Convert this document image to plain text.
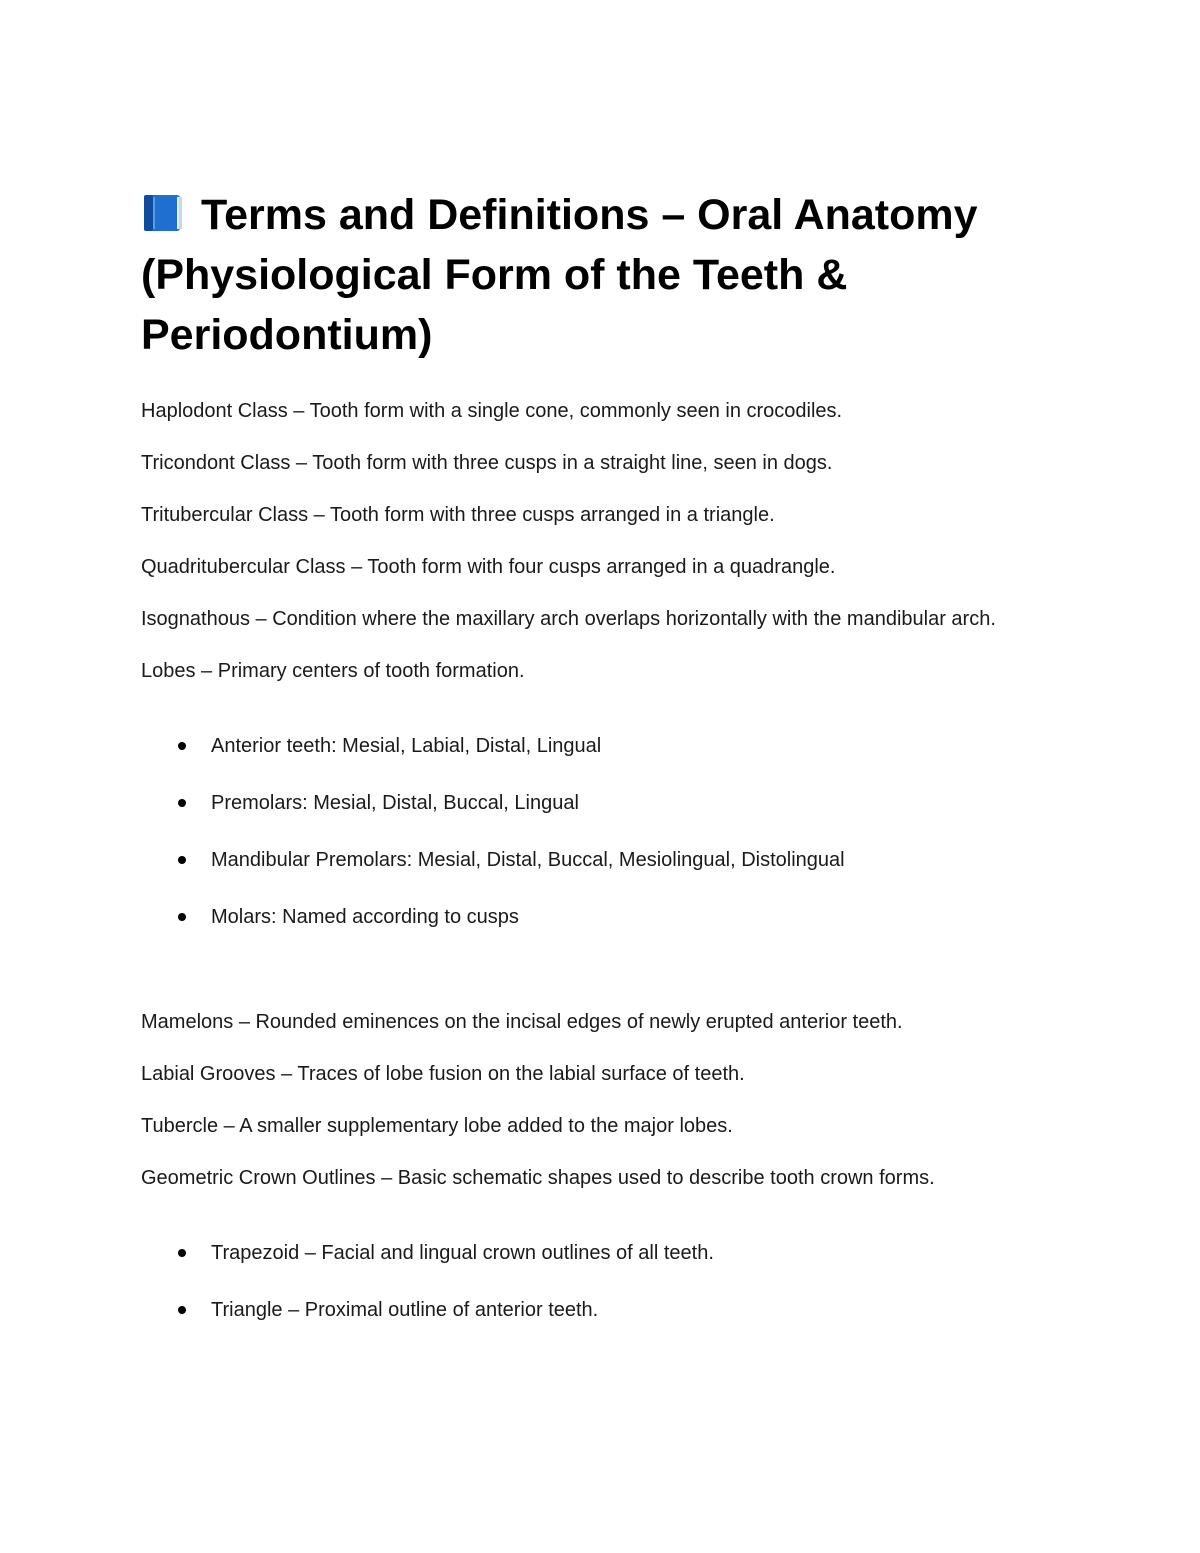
Terms and Definitions – Oral Anatomy (Physiological Form of the Teeth & Periodontium)

Haplodont Class – Tooth form with a single cone, commonly seen in crocodiles.

Tricondont Class – Tooth form with three cusps in a straight line, seen in dogs.

Tritubercular Class – Tooth form with three cusps arranged in a triangle.

Quadritubercular Class – Tooth form with four cusps arranged in a quadrangle.

Isognathous – Condition where the maxillary arch overlaps horizontally with the mandibular arch.

Lobes – Primary centers of tooth formation.

Anterior teeth: Mesial, Labial, Distal, Lingual
Premolars: Mesial, Distal, Buccal, Lingual
Mandibular Premolars: Mesial, Distal, Buccal, Mesiolingual, Distolingual
Molars: Named according to cusps

Mamelons – Rounded eminences on the incisal edges of newly erupted anterior teeth.

Labial Grooves – Traces of lobe fusion on the labial surface of teeth.

Tubercle – A smaller supplementary lobe added to the major lobes.

Geometric Crown Outlines – Basic schematic shapes used to describe tooth crown forms.

Trapezoid – Facial and lingual crown outlines of all teeth.
Triangle – Proximal outline of anterior teeth.
